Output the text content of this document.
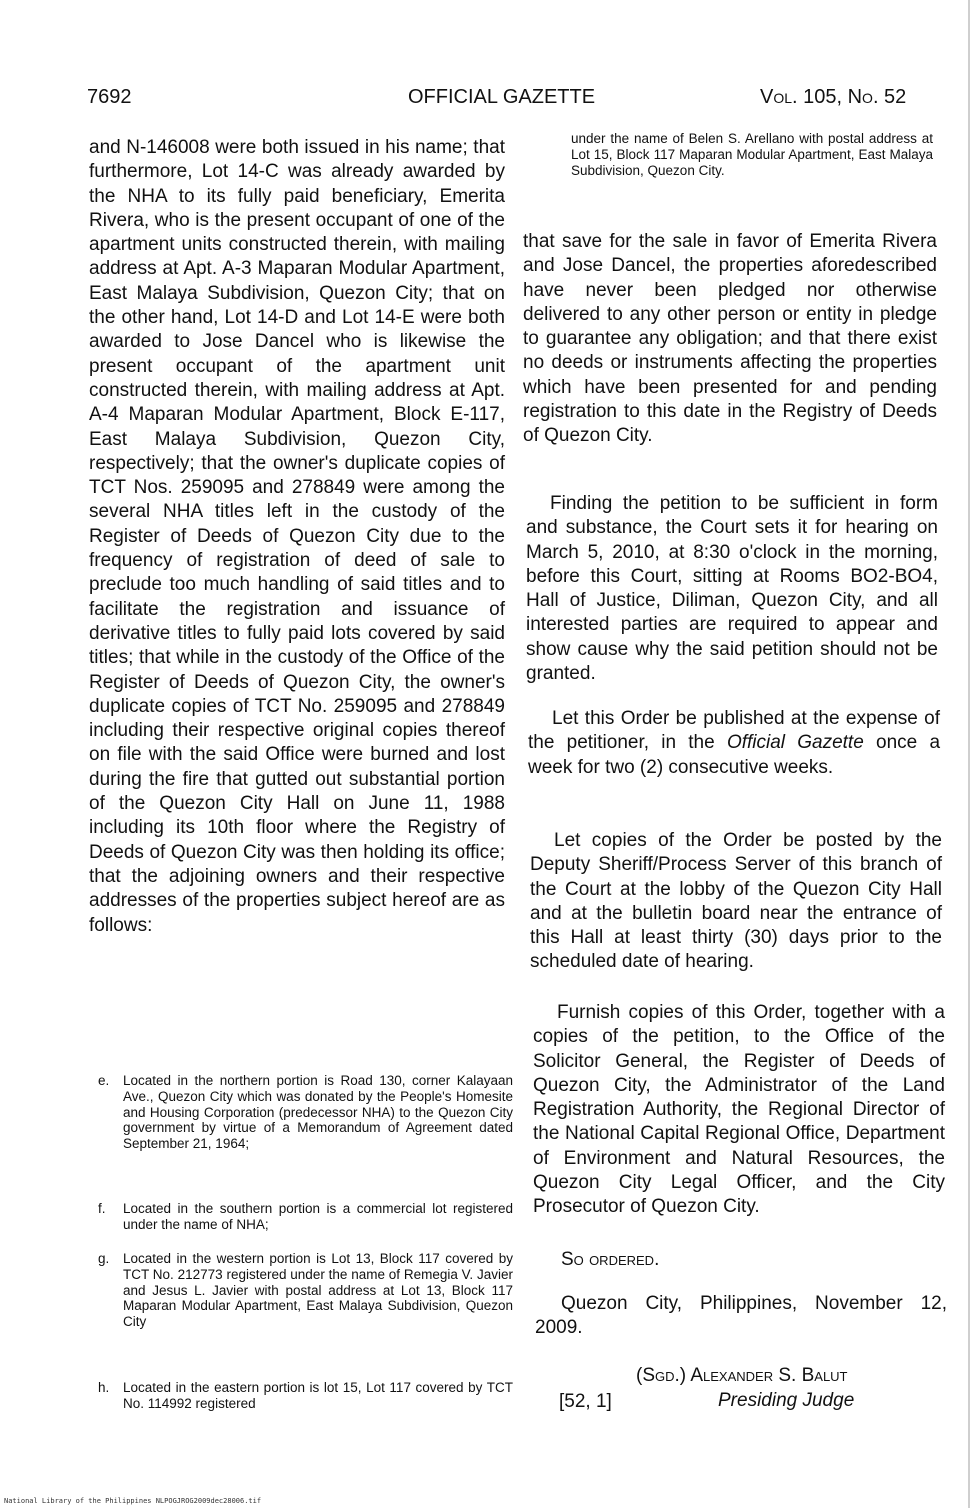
7692	OFFICIAL GAZETTE	Vol. 105, No. 52

and N-146008 were both issued in his name; that furthermore, Lot 14-C was already awarded by the NHA to its fully paid beneficiary, Emerita Rivera, who is the present occupant of one of the apartment units constructed therein, with mailing address at Apt. A-3 Maparan Modular Apartment, East Malaya Subdivision, Quezon City; that on the other hand, Lot 14-D and Lot 14-E were both awarded to Jose Dancel who is likewise the present occupant of the apartment unit constructed therein, with mailing address at Apt. A-4 Maparan Modular Apartment, Block E-117, East Malaya Subdivision, Quezon City, respectively; that the owner's duplicate copies of TCT Nos. 259095 and 278849 were among the several NHA titles left in the custody of the Register of Deeds of Quezon City due to the frequency of registration of deed of sale to preclude too much handling of said titles and to facilitate the registration and issuance of derivative titles to fully paid lots covered by said titles; that while in the custody of the Office of the Register of Deeds of Quezon City, the owner's duplicate copies of TCT No. 259095 and 278849 including their respective original copies thereof on file with the said Office were burned and lost during the fire that gutted out substantial portion of the Quezon City Hall on June 11, 1988 including its 10th floor where the Registry of Deeds of Quezon City was then holding its office; that the adjoining owners and their respective addresses of the properties subject hereof are as follows:

e. Located in the northern portion is Road 130, corner Kalayaan Ave., Quezon City which was donated by the People's Homesite and Housing Corporation (predecessor NHA) to the Quezon City government by virtue of a Memorandum of Agreement dated September 21, 1964;

f. Located in the southern portion is a commercial lot registered under the name of NHA;

g. Located in the western portion is Lot 13, Block 117 covered by TCT No. 212773 registered under the name of Remegia V. Javier and Jesus L. Javier with postal address at Lot 13, Block 117 Maparan Modular Apartment, East Malaya Subdivision, Quezon City

h. Located in the eastern portion is lot 15, Lot 117 covered by TCT No. 114992 registered

under the name of Belen S. Arellano with postal address at Lot 15, Block 117 Maparan Modular Apartment, East Malaya Subdivision, Quezon City.

that save for the sale in favor of Emerita Rivera and Jose Dancel, the properties aforedescribed have never been pledged nor otherwise delivered to any other person or entity in pledge to guarantee any obligation; and that there exist no deeds or instruments affecting the properties which have been presented for and pending registration to this date in the Registry of Deeds of Quezon City.

Finding the petition to be sufficient in form and substance, the Court sets it for hearing on March 5, 2010, at 8:30 o'clock in the morning, before this Court, sitting at Rooms BO2-BO4, Hall of Justice, Diliman, Quezon City, and all interested parties are required to appear and show cause why the said petition should not be granted.

Let this Order be published at the expense of the petitioner, in the Official Gazette once a week for two (2) consecutive weeks.

Let copies of the Order be posted by the Deputy Sheriff/Process Server of this branch of the Court at the lobby of the Quezon City Hall and at the bulletin board near the entrance of this Hall at least thirty (30) days prior to the scheduled date of hearing.

Furnish copies of this Order, together with a copies of the petition, to the Office of the Solicitor General, the Register of Deeds of Quezon City, the Administrator of the Land Registration Authority, the Regional Director of the National Capital Regional Office, Department of Environment and Natural Resources, the Quezon City Legal Officer, and the City Prosecutor of Quezon City.

So ordered.

Quezon City, Philippines, November 12, 2009.

(Sgd.) Alexander S. Balut
[52, 1]	Presiding Judge
National Library of the Philippines NLPOGJROG2009dec28006.tif
